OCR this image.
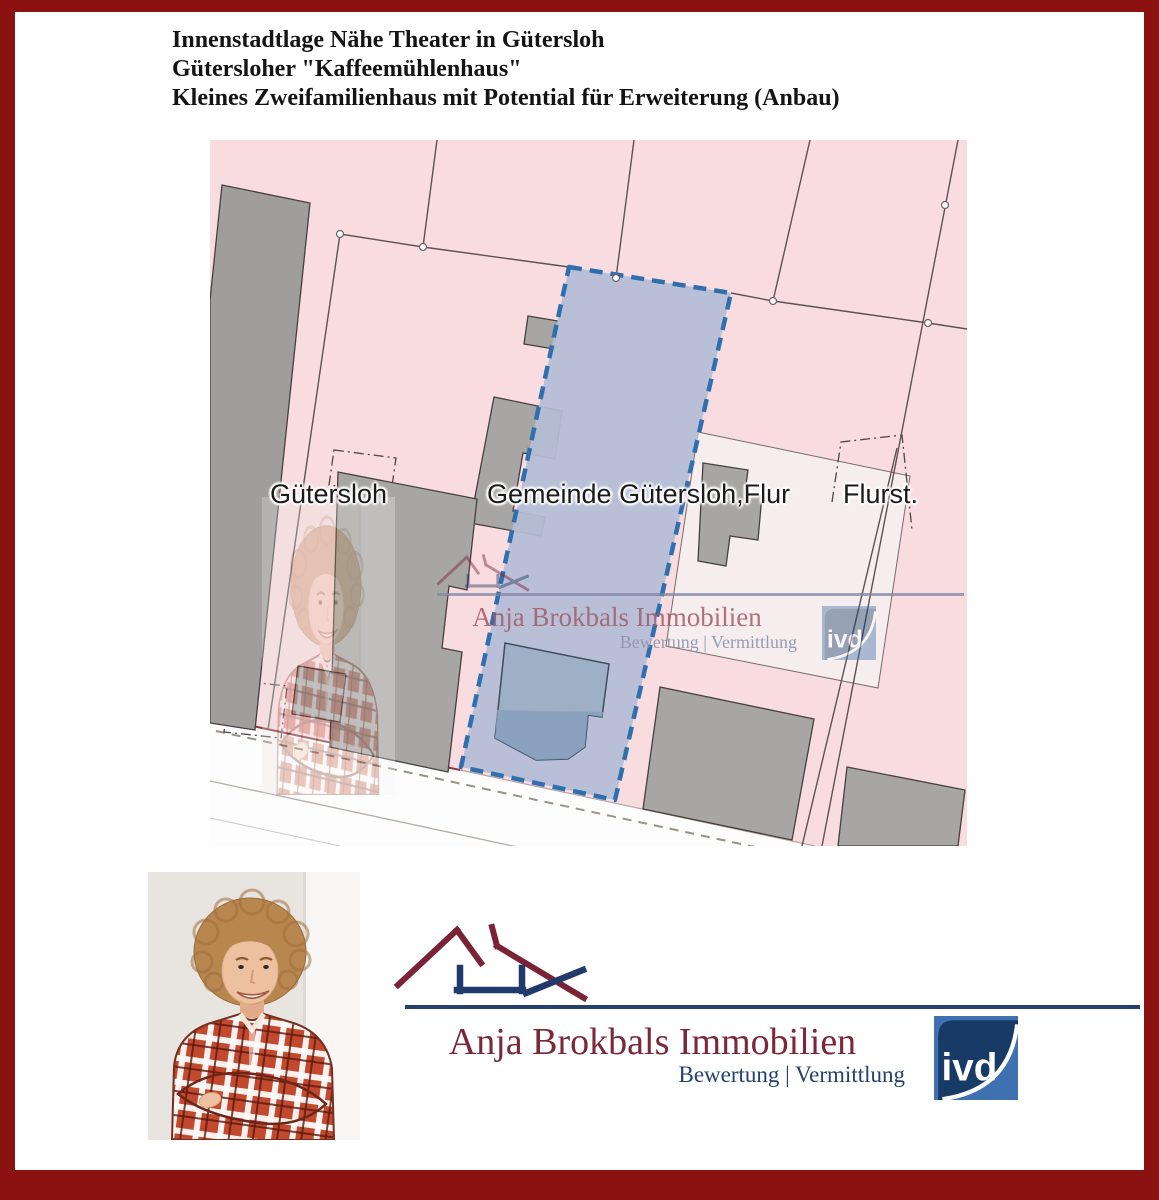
Innenstadtlage Nähe Theater in Gütersloh
Gütersloher "Kaffeemühlenhaus"
Kleines Zweifamilienhaus mit Potential für Erweiterung (Anbau)
Gütersloh	Gemeinde Gütersloh,Flur Flurst.
Anja Brokbals Immobilien
Bewertung | Vermittlung ivd
Anja Brokbals Immobilien
Bewertung | Vermittlung ivd
